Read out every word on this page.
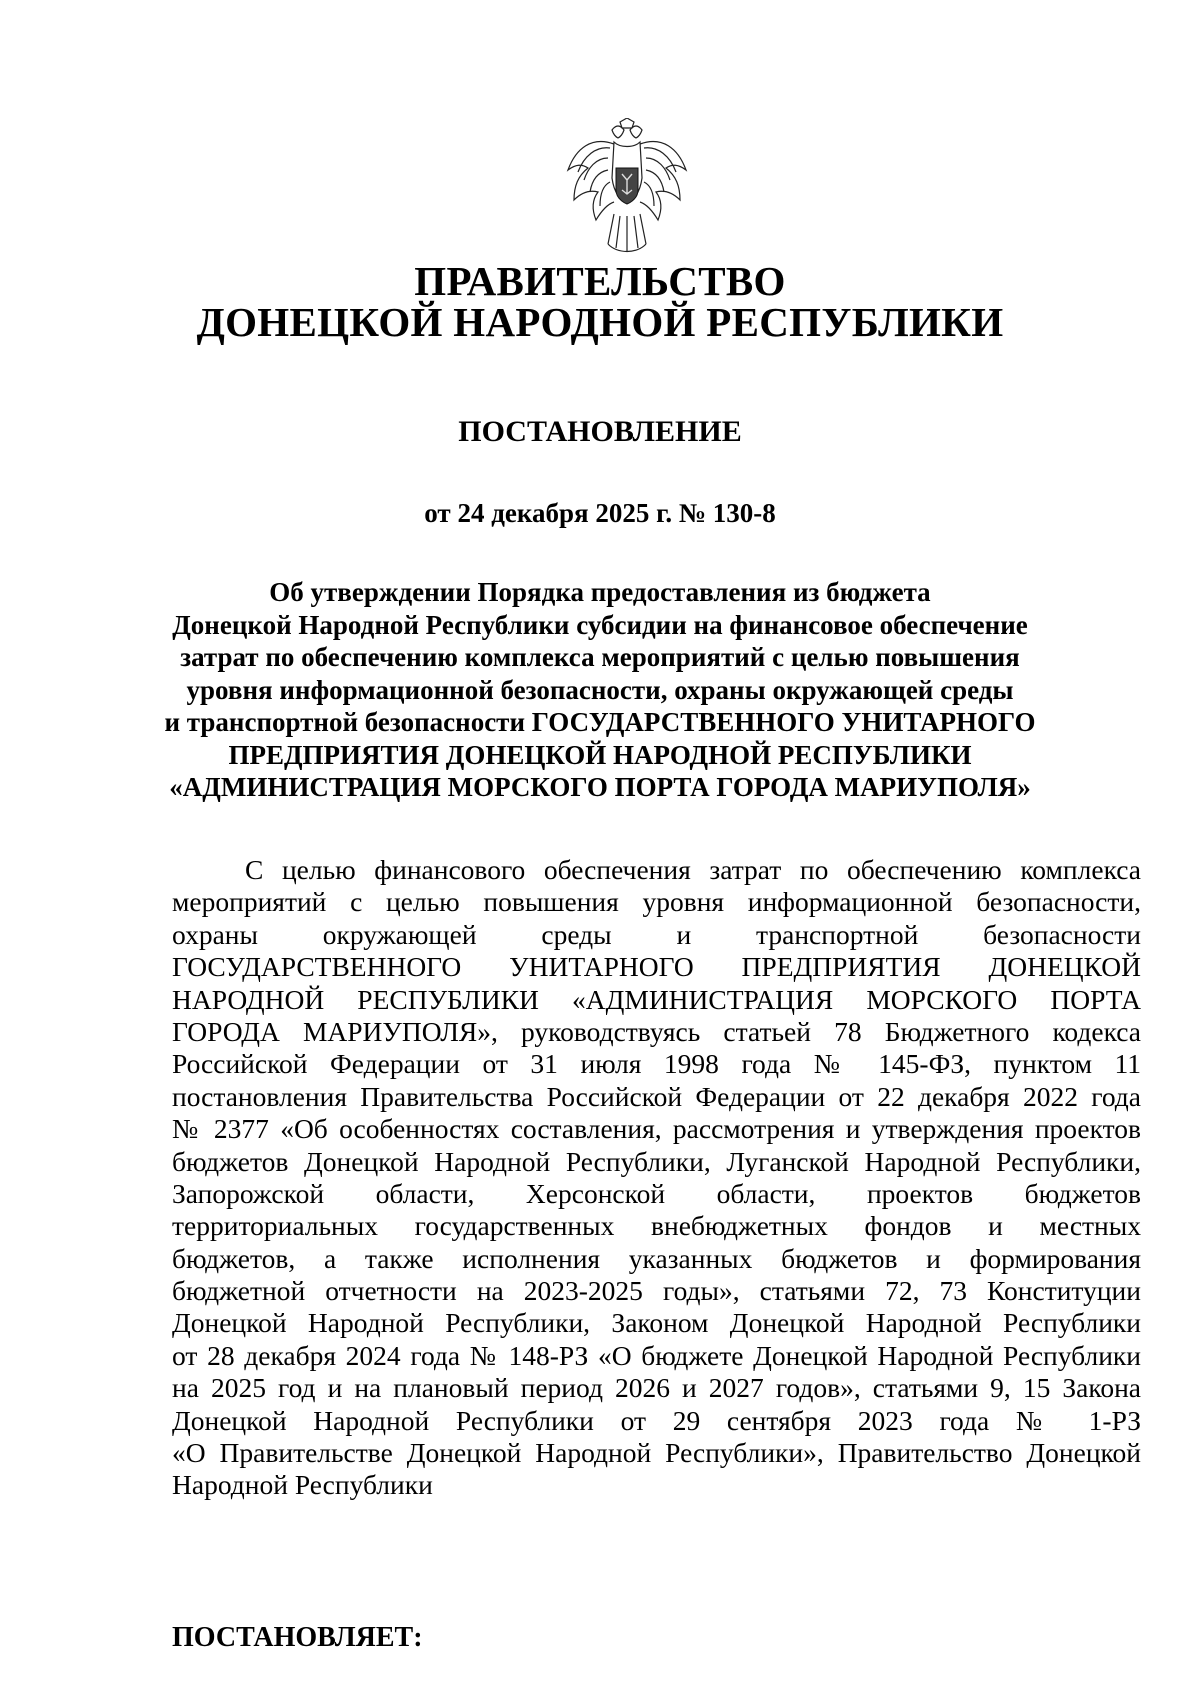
ПРАВИТЕЛЬСТВО
ДОНЕЦКОЙ НАРОДНОЙ РЕСПУБЛИКИ
ПОСТАНОВЛЕНИЕ
от 24 декабря 2025 г. № 130-8
Об утверждении Порядка предоставления из бюджета
Донецкой Народной Республики субсидии на финансовое обеспечение
затрат по обеспечению комплекса мероприятий с целью повышения
уровня информационной безопасности, охраны окружающей среды
и транспортной безопасности ГОСУДАРСТВЕННОГО УНИТАРНОГО
ПРЕДПРИЯТИЯ ДОНЕЦКОЙ НАРОДНОЙ РЕСПУБЛИКИ
«АДМИНИСТРАЦИЯ МОРСКОГО ПОРТА ГОРОДА МАРИУПОЛЯ»
С целью финансового обеспечения затрат по обеспечению комплекса
мероприятий с целью повышения уровня информационной безопасности,
охраны окружающей среды и транспортной безопасности
ГОСУДАРСТВЕННОГО УНИТАРНОГО ПРЕДПРИЯТИЯ ДОНЕЦКОЙ
НАРОДНОЙ РЕСПУБЛИКИ «АДМИНИСТРАЦИЯ МОРСКОГО ПОРТА
ГОРОДА МАРИУПОЛЯ», руководствуясь статьей 78 Бюджетного кодекса
Российской Федерации от 31 июля 1998 года № 145-ФЗ, пунктом 11
постановления Правительства Российской Федерации от 22 декабря 2022 года
№ 2377 «Об особенностях составления, рассмотрения и утверждения проектов
бюджетов Донецкой Народной Республики, Луганской Народной Республики,
Запорожской области, Херсонской области, проектов бюджетов
территориальных государственных внебюджетных фондов и местных
бюджетов, а также исполнения указанных бюджетов и формирования
бюджетной отчетности на 2023-2025 годы», статьями 72, 73 Конституции
Донецкой Народной Республики, Законом Донецкой Народной Республики
от 28 декабря 2024 года № 148-РЗ «О бюджете Донецкой Народной Республики
на 2025 год и на плановый период 2026 и 2027 годов», статьями 9, 15 Закона
Донецкой Народной Республики от 29 сентября 2023 года № 1-РЗ
«О Правительстве Донецкой Народной Республики», Правительство Донецкой
Народной Республики
ПОСТАНОВЛЯЕТ:
